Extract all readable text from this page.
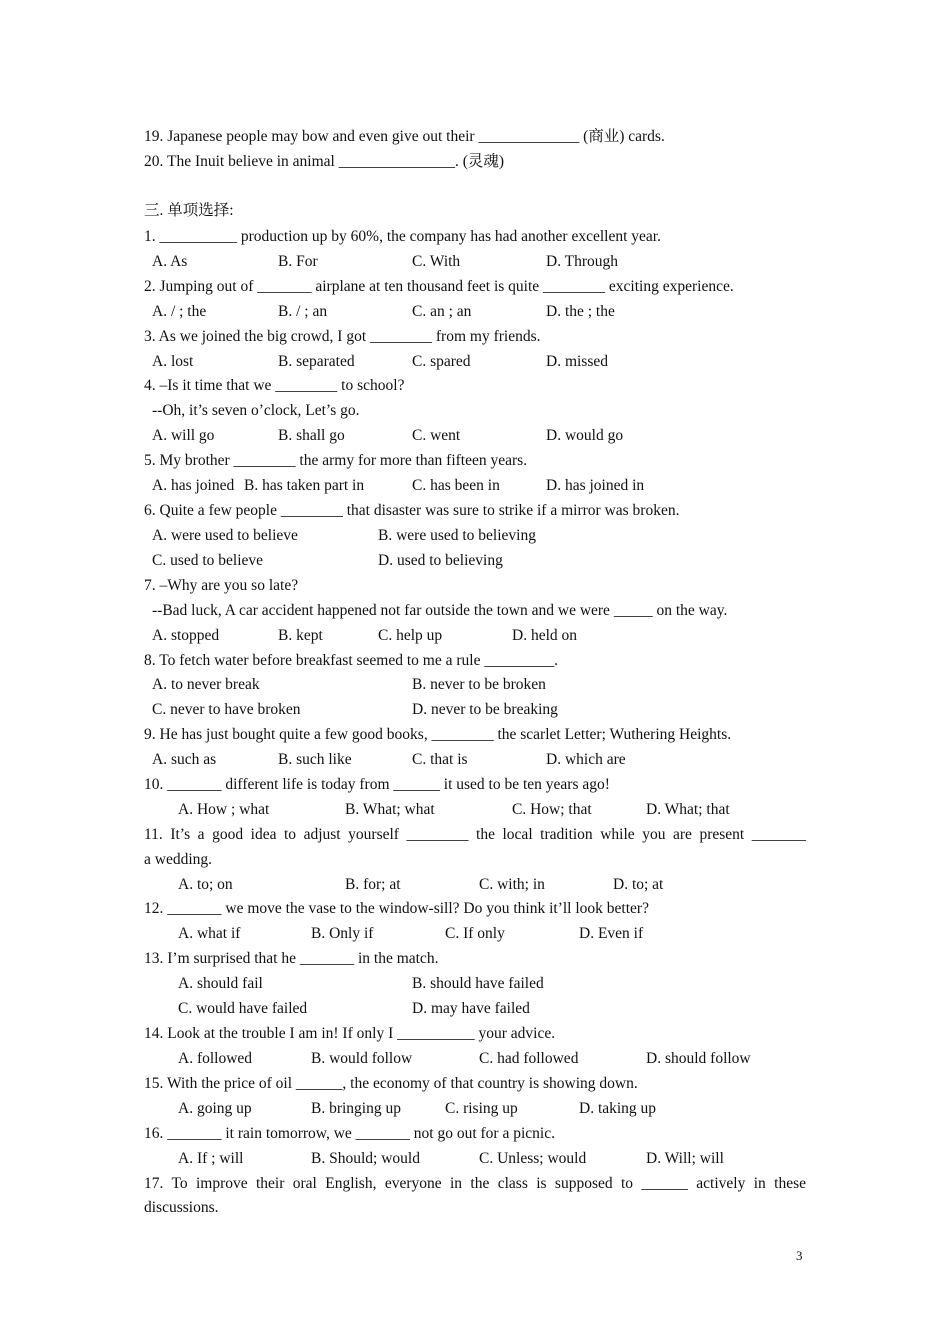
19. Japanese people may bow and even give out their _____________ (商业) cards.
20. The Inuit believe in animal _______________. (灵魂)
三. 单项选择:
1. __________ production up by 60%, the company has had another excellent year.
A. As	B. For	C. With	D. Through
2. Jumping out of _______ airplane at ten thousand feet is quite ________ exciting experience.
A. / ; the	B. / ; an	C. an ; an	D. the ; the
3. As we joined the big crowd, I got ________ from my friends.
A. lost	B. separated	C. spared	D. missed
4. –Is it time that we ________ to school?
--Oh, it’s seven o’clock, Let’s go.
A. will go	B. shall go	C. went	D. would go
5. My brother ________ the army for more than fifteen years.
A. has joined B. has taken part in	C. has been in	D. has joined in
6. Quite a few people ________ that disaster was sure to strike if a mirror was broken.
A. were used to believe	B. were used to believing
C. used to believe	D. used to believing
7. –Why are you so late?
--Bad luck, A car accident happened not far outside the town and we were _____ on the way.
A. stopped	B. kept	C. help up	D. held on
8. To fetch water before breakfast seemed to me a rule _________.
A. to never break	B. never to be broken
C. never to have broken	D. never to be breaking
9. He has just bought quite a few good books, ________ the scarlet Letter; Wuthering Heights.
A. such as	B. such like	C. that is	D. which are
10. _______ different life is today from ______ it used to be ten years ago!
A. How ; what	B. What; what	C. How; that	D. What; that
11. It’s a good idea to adjust yourself ________ the local tradition while you are present _______
a wedding.
A. to; on	B. for; at	C. with; in	D. to; at
12. _______ we move the vase to the window-sill? Do you think it’ll look better?
A. what if	B. Only if	C. If only	D. Even if
13. I’m surprised that he _______ in the match.
A. should fail	B. should have failed
C. would have failed	D. may have failed
14. Look at the trouble I am in! If only I __________ your advice.
A. followed	B. would follow	C. had followed	D. should follow
15. With the price of oil ______, the economy of that country is showing down.
A. going up	B. bringing up	C. rising up	D. taking up
16. _______ it rain tomorrow, we _______ not go out for a picnic.
A. If ; will	B. Should; would	C. Unless; would	D. Will; will
17. To improve their oral English, everyone in the class is supposed to ______ actively in these
discussions.
3
